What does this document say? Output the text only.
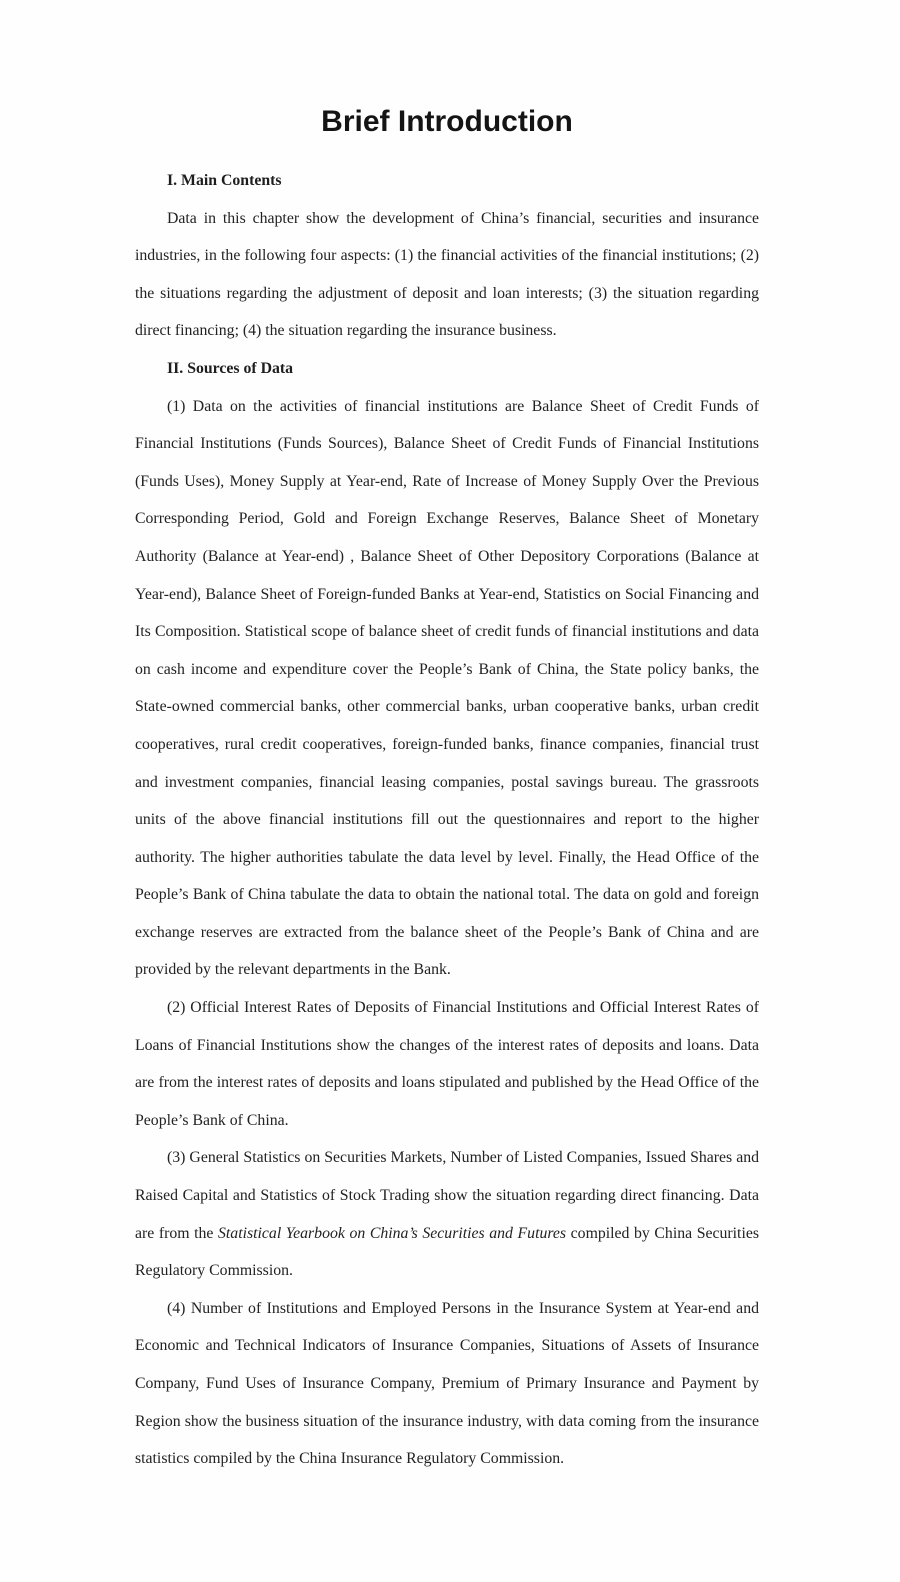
Brief Introduction
I. Main Contents

Data in this chapter show the development of China’s financial, securities and insurance industries, in the following four aspects: (1) the financial activities of the financial institutions; (2) the situations regarding the adjustment of deposit and loan interests; (3) the situation regarding direct financing; (4) the situation regarding the insurance business.

II. Sources of Data

(1) Data on the activities of financial institutions are Balance Sheet of Credit Funds of Financial Institutions (Funds Sources), Balance Sheet of Credit Funds of Financial Institutions (Funds Uses), Money Supply at Year-end, Rate of Increase of Money Supply Over the Previous Corresponding Period, Gold and Foreign Exchange Reserves, Balance Sheet of Monetary Authority (Balance at Year-end) , Balance Sheet of Other Depository Corporations (Balance at Year-end), Balance Sheet of Foreign-funded Banks at Year-end, Statistics on Social Financing and Its Composition. Statistical scope of balance sheet of credit funds of financial institutions and data on cash income and expenditure cover the People’s Bank of China, the State policy banks, the State-owned commercial banks, other commercial banks, urban cooperative banks, urban credit cooperatives, rural credit cooperatives, foreign-funded banks, finance companies, financial trust and investment companies, financial leasing companies, postal savings bureau. The grassroots units of the above financial institutions fill out the questionnaires and report to the higher authority. The higher authorities tabulate the data level by level. Finally, the Head Office of the People’s Bank of China tabulate the data to obtain the national total. The data on gold and foreign exchange reserves are extracted from the balance sheet of the People’s Bank of China and are provided by the relevant departments in the Bank.

(2) Official Interest Rates of Deposits of Financial Institutions and Official Interest Rates of Loans of Financial Institutions show the changes of the interest rates of deposits and loans. Data are from the interest rates of deposits and loans stipulated and published by the Head Office of the People’s Bank of China.

(3) General Statistics on Securities Markets, Number of Listed Companies, Issued Shares and Raised Capital and Statistics of Stock Trading show the situation regarding direct financing. Data are from the Statistical Yearbook on China’s Securities and Futures compiled by China Securities Regulatory Commission.

(4) Number of Institutions and Employed Persons in the Insurance System at Year-end and Economic and Technical Indicators of Insurance Companies, Situations of Assets of Insurance Company, Fund Uses of Insurance Company, Premium of Primary Insurance and Payment by Region show the business situation of the insurance industry, with data coming from the insurance statistics compiled by the China Insurance Regulatory Commission.
